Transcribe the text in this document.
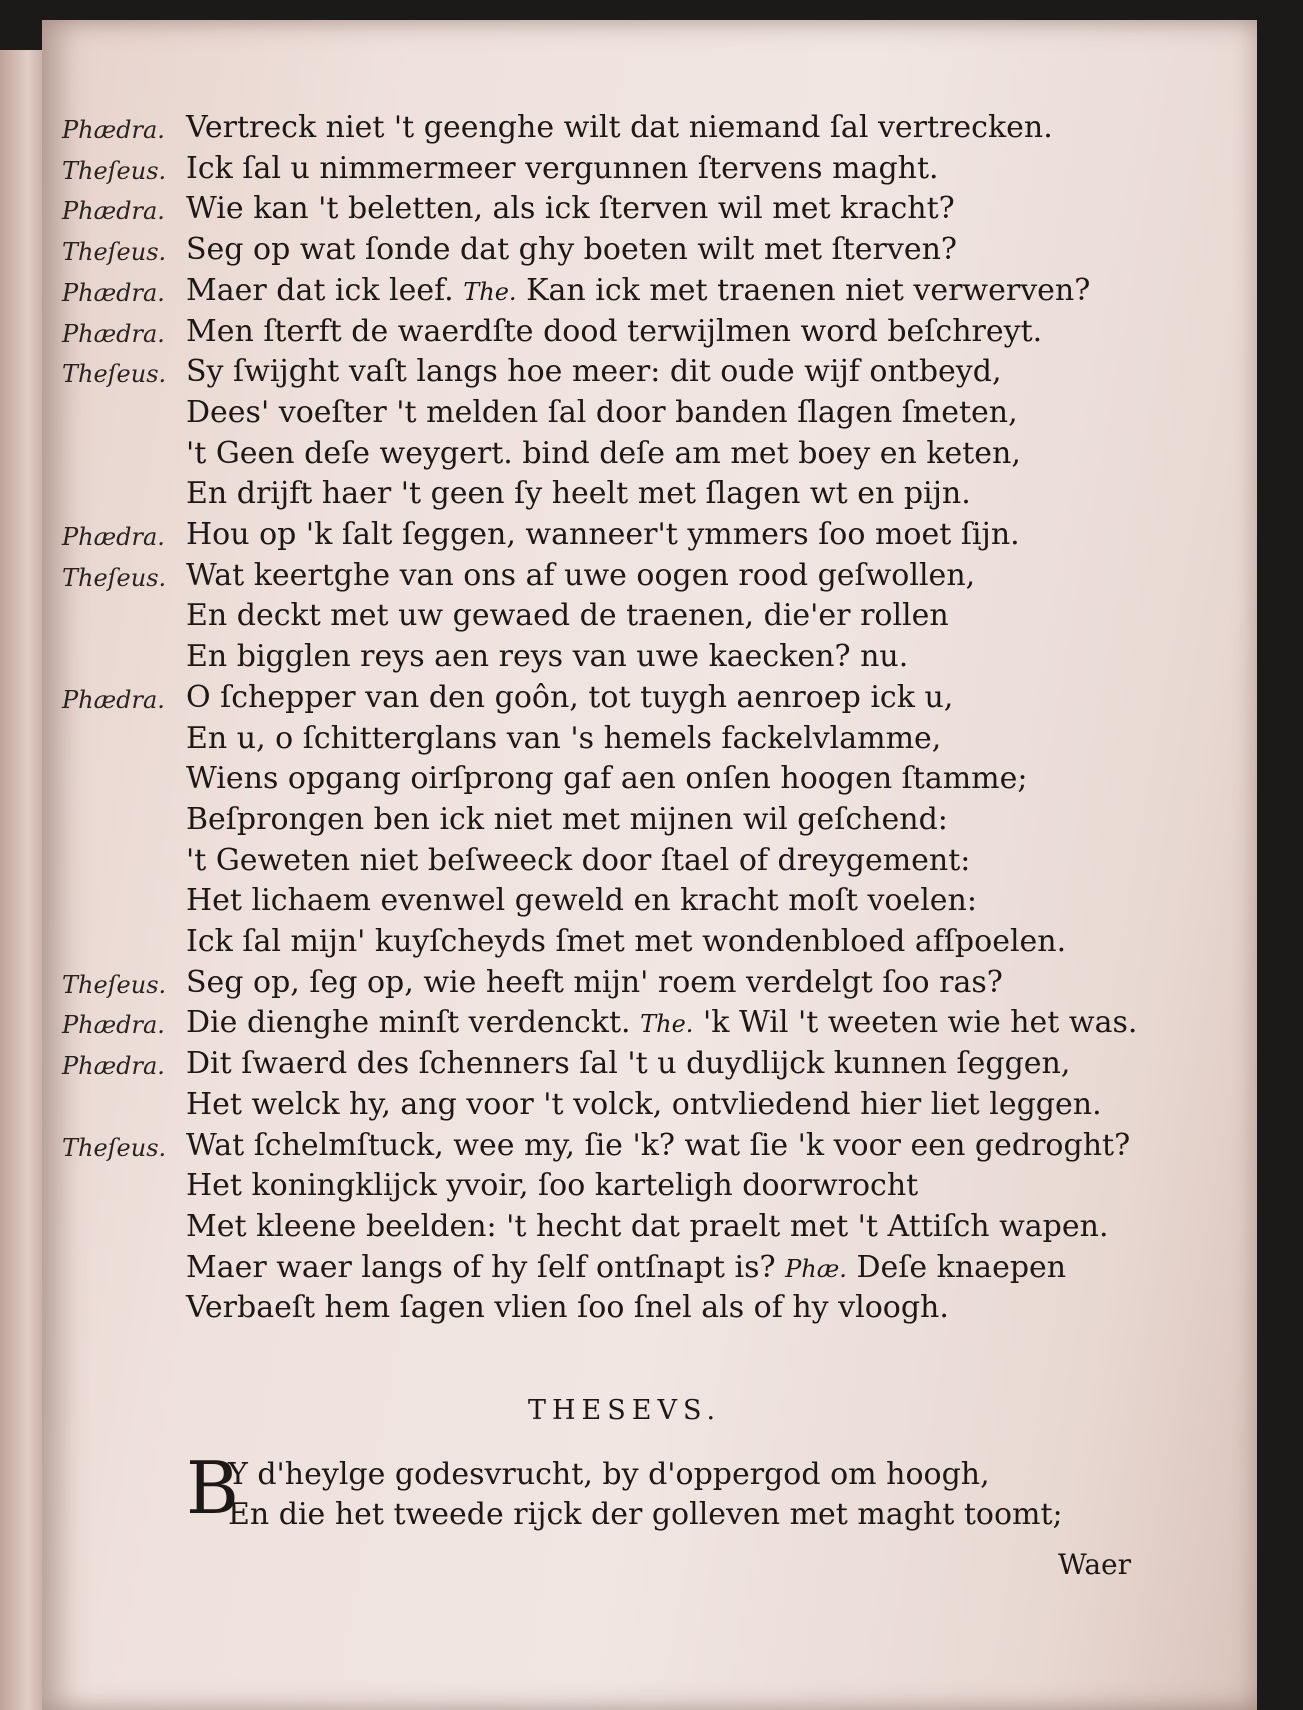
Phædra. Vertreck niet 't geenghe wilt dat niemand ſal vertrecken.
Theſeus. Ick ſal u nimmermeer vergunnen ſtervens maght.
Phædra. Wie kan 't beletten, als ick ſterven wil met kracht?
Theſeus. Seg op wat ſonde dat ghy boeten wilt met ſterven?
Phædra. Maer dat ick leef. The. Kan ick met traenen niet verwerven?
Phædra. Men ſterft de waerdſte dood terwijlmen word beſchreyt.
Theſeus. Sy ſwijght vaſt langs hoe meer: dit oude wijf ontbeyd,
Dees' voeſter 't melden ſal door banden ſlagen ſmeten,
't Geen deſe weygert. bind deſe am met boey en keten,
En drijft haer 't geen ſy heelt met ſlagen wt en pijn.
Phædra. Hou op 'k ſalt ſeggen, wanneer't ymmers ſoo moet ſijn.
Theſeus. Wat keertghe van ons af uwe oogen rood geſwollen,
En deckt met uw gewaed de traenen, die'er rollen
En bigglen reys aen reys van uwe kaecken? nu.
Phædra. O ſchepper van den goôn, tot tuygh aenroep ick u,
En u, o ſchitterglans van 's hemels fackelvlamme,
Wiens opgang oirſprong gaf aen onſen hoogen ſtamme;
Beſprongen ben ick niet met mijnen wil geſchend:
't Geweten niet beſweeck door ſtael of dreygement:
Het lichaem evenwel geweld en kracht moſt voelen:
Ick ſal mijn' kuyſcheyds ſmet met wondenbloed afſpoelen.
Theſeus. Seg op, ſeg op, wie heeft mijn' roem verdelgt ſoo ras?
Phædra. Die dienghe minſt verdenckt. The. 'k Wil 't weeten wie het was.
Phædra. Dit ſwaerd des ſchenners ſal 't u duydlijck kunnen ſeggen,
Het welck hy, ang voor 't volck, ontvliedend hier liet leggen.
Theſeus. Wat ſchelmſtuck, wee my, ſie 'k? wat ſie 'k voor een gedroght?
Het koningklijck yvoir, ſoo karteligh doorwrocht
Met kleene beelden: 't hecht dat praelt met 't Attiſch wapen.
Maer waer langs of hy ſelf ontſnapt is? Phæ. Deſe knaepen
Verbaeſt hem ſagen vlien ſoo ſnel als of hy vloogh.
THESEVS.
B
Y d'heylge godesvrucht, by d'oppergod om hoogh,
En die het tweede rijck der golleven met maght toomt;
Waer
